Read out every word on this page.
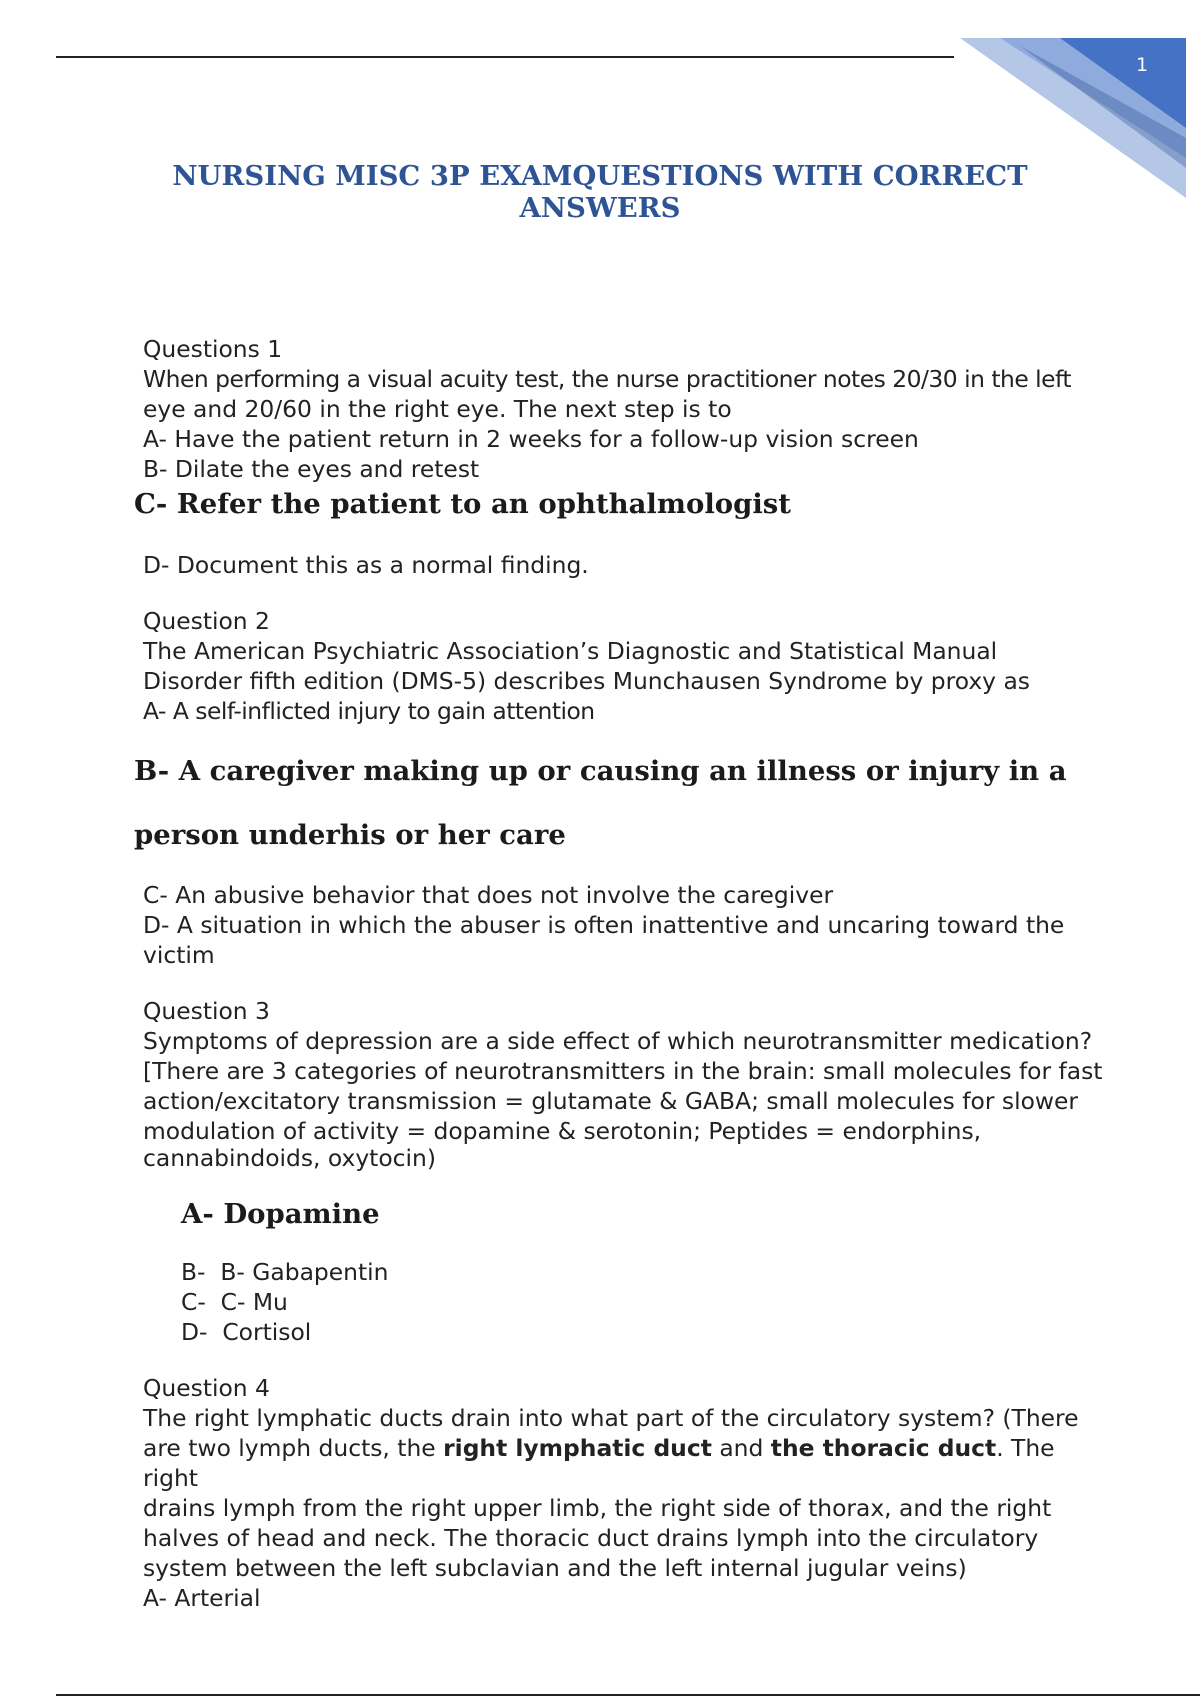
1
NURSING MISC 3P EXAMQUESTIONS WITH CORRECT ANSWERS

Questions 1

When performing a visual acuity test, the nurse practitioner notes 20/30 in the left

eye and 20/60 in the right eye. The next step is to

A- Have the patient return in 2 weeks for a follow-up vision screen

B- Dilate the eyes and retest

C- Refer the patient to an ophthalmologist

D- Document this as a normal finding.

Question 2

The American Psychiatric Association’s Diagnostic and Statistical Manual

Disorder fifth edition (DMS-5) describes Munchausen Syndrome by proxy as

A- A self-inflicted injury to gain attention

B- A caregiver making up or causing an illness or injury in a

person underhis or her care

C- An abusive behavior that does not involve the caregiver

D- A situation in which the abuser is often inattentive and uncaring toward the

victim

Question 3

Symptoms of depression are a side effect of which neurotransmitter medication?

[There are 3 categories of neurotransmitters in the brain: small molecules for fast

action/excitatory transmission = glutamate & GABA; small molecules for slower

modulation of activity = dopamine & serotonin; Peptides = endorphins,

cannabindoids, oxytocin)

A- Dopamine

B-  B- Gabapentin

C-  C- Mu

D-  Cortisol

Question 4

The right lymphatic ducts drain into what part of the circulatory system? (There

are two lymph ducts, the right lymphatic duct and the thoracic duct. The right

drains lymph from the right upper limb, the right side of thorax, and the right

halves of head and neck. The thoracic duct drains lymph into the circulatory

system between the left subclavian and the left internal jugular veins)

A- Arterial
